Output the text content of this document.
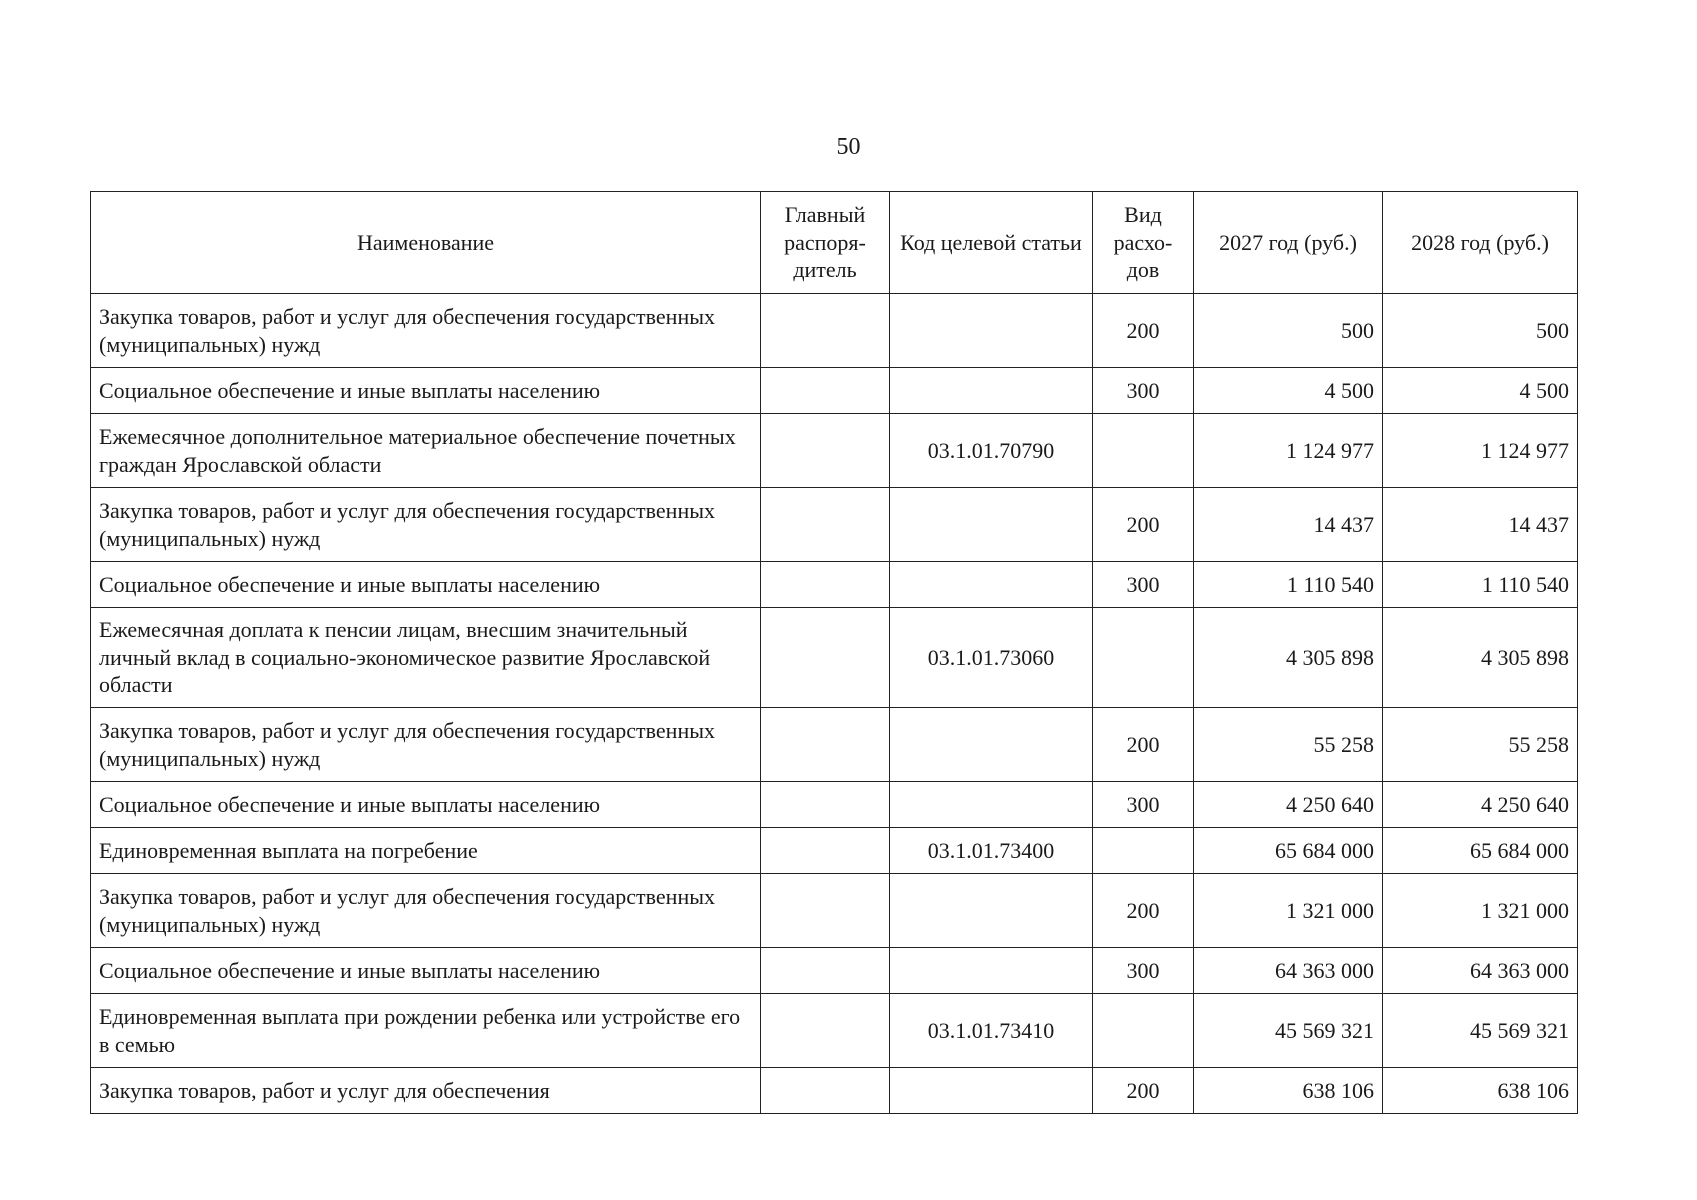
50
Наименование	Главный распоря-дитель	Код целевой статьи	Вид расхо-дов	2027 год (руб.)	2028 год (руб.)
Закупка товаров, работ и услуг для обеспечения государственных (муниципальных) нужд			200	500	500
Социальное обеспечение и иные выплаты населению			300	4 500	4 500
Ежемесячное дополнительное материальное обеспечение почетных граждан Ярославской области		03.1.01.70790		1 124 977	1 124 977
Закупка товаров, работ и услуг для обеспечения государственных (муниципальных) нужд			200	14 437	14 437
Социальное обеспечение и иные выплаты населению			300	1 110 540	1 110 540
Ежемесячная доплата к пенсии лицам, внесшим значительный личный вклад в социально-экономическое развитие Ярославской области		03.1.01.73060		4 305 898	4 305 898
Закупка товаров, работ и услуг для обеспечения государственных (муниципальных) нужд			200	55 258	55 258
Социальное обеспечение и иные выплаты населению			300	4 250 640	4 250 640
Единовременная выплата на погребение		03.1.01.73400		65 684 000	65 684 000
Закупка товаров, работ и услуг для обеспечения государственных (муниципальных) нужд			200	1 321 000	1 321 000
Социальное обеспечение и иные выплаты населению			300	64 363 000	64 363 000
Единовременная выплата при рождении ребенка или устройстве его в семью		03.1.01.73410		45 569 321	45 569 321
Закупка товаров, работ и услуг для обеспечения			200	638 106	638 106
